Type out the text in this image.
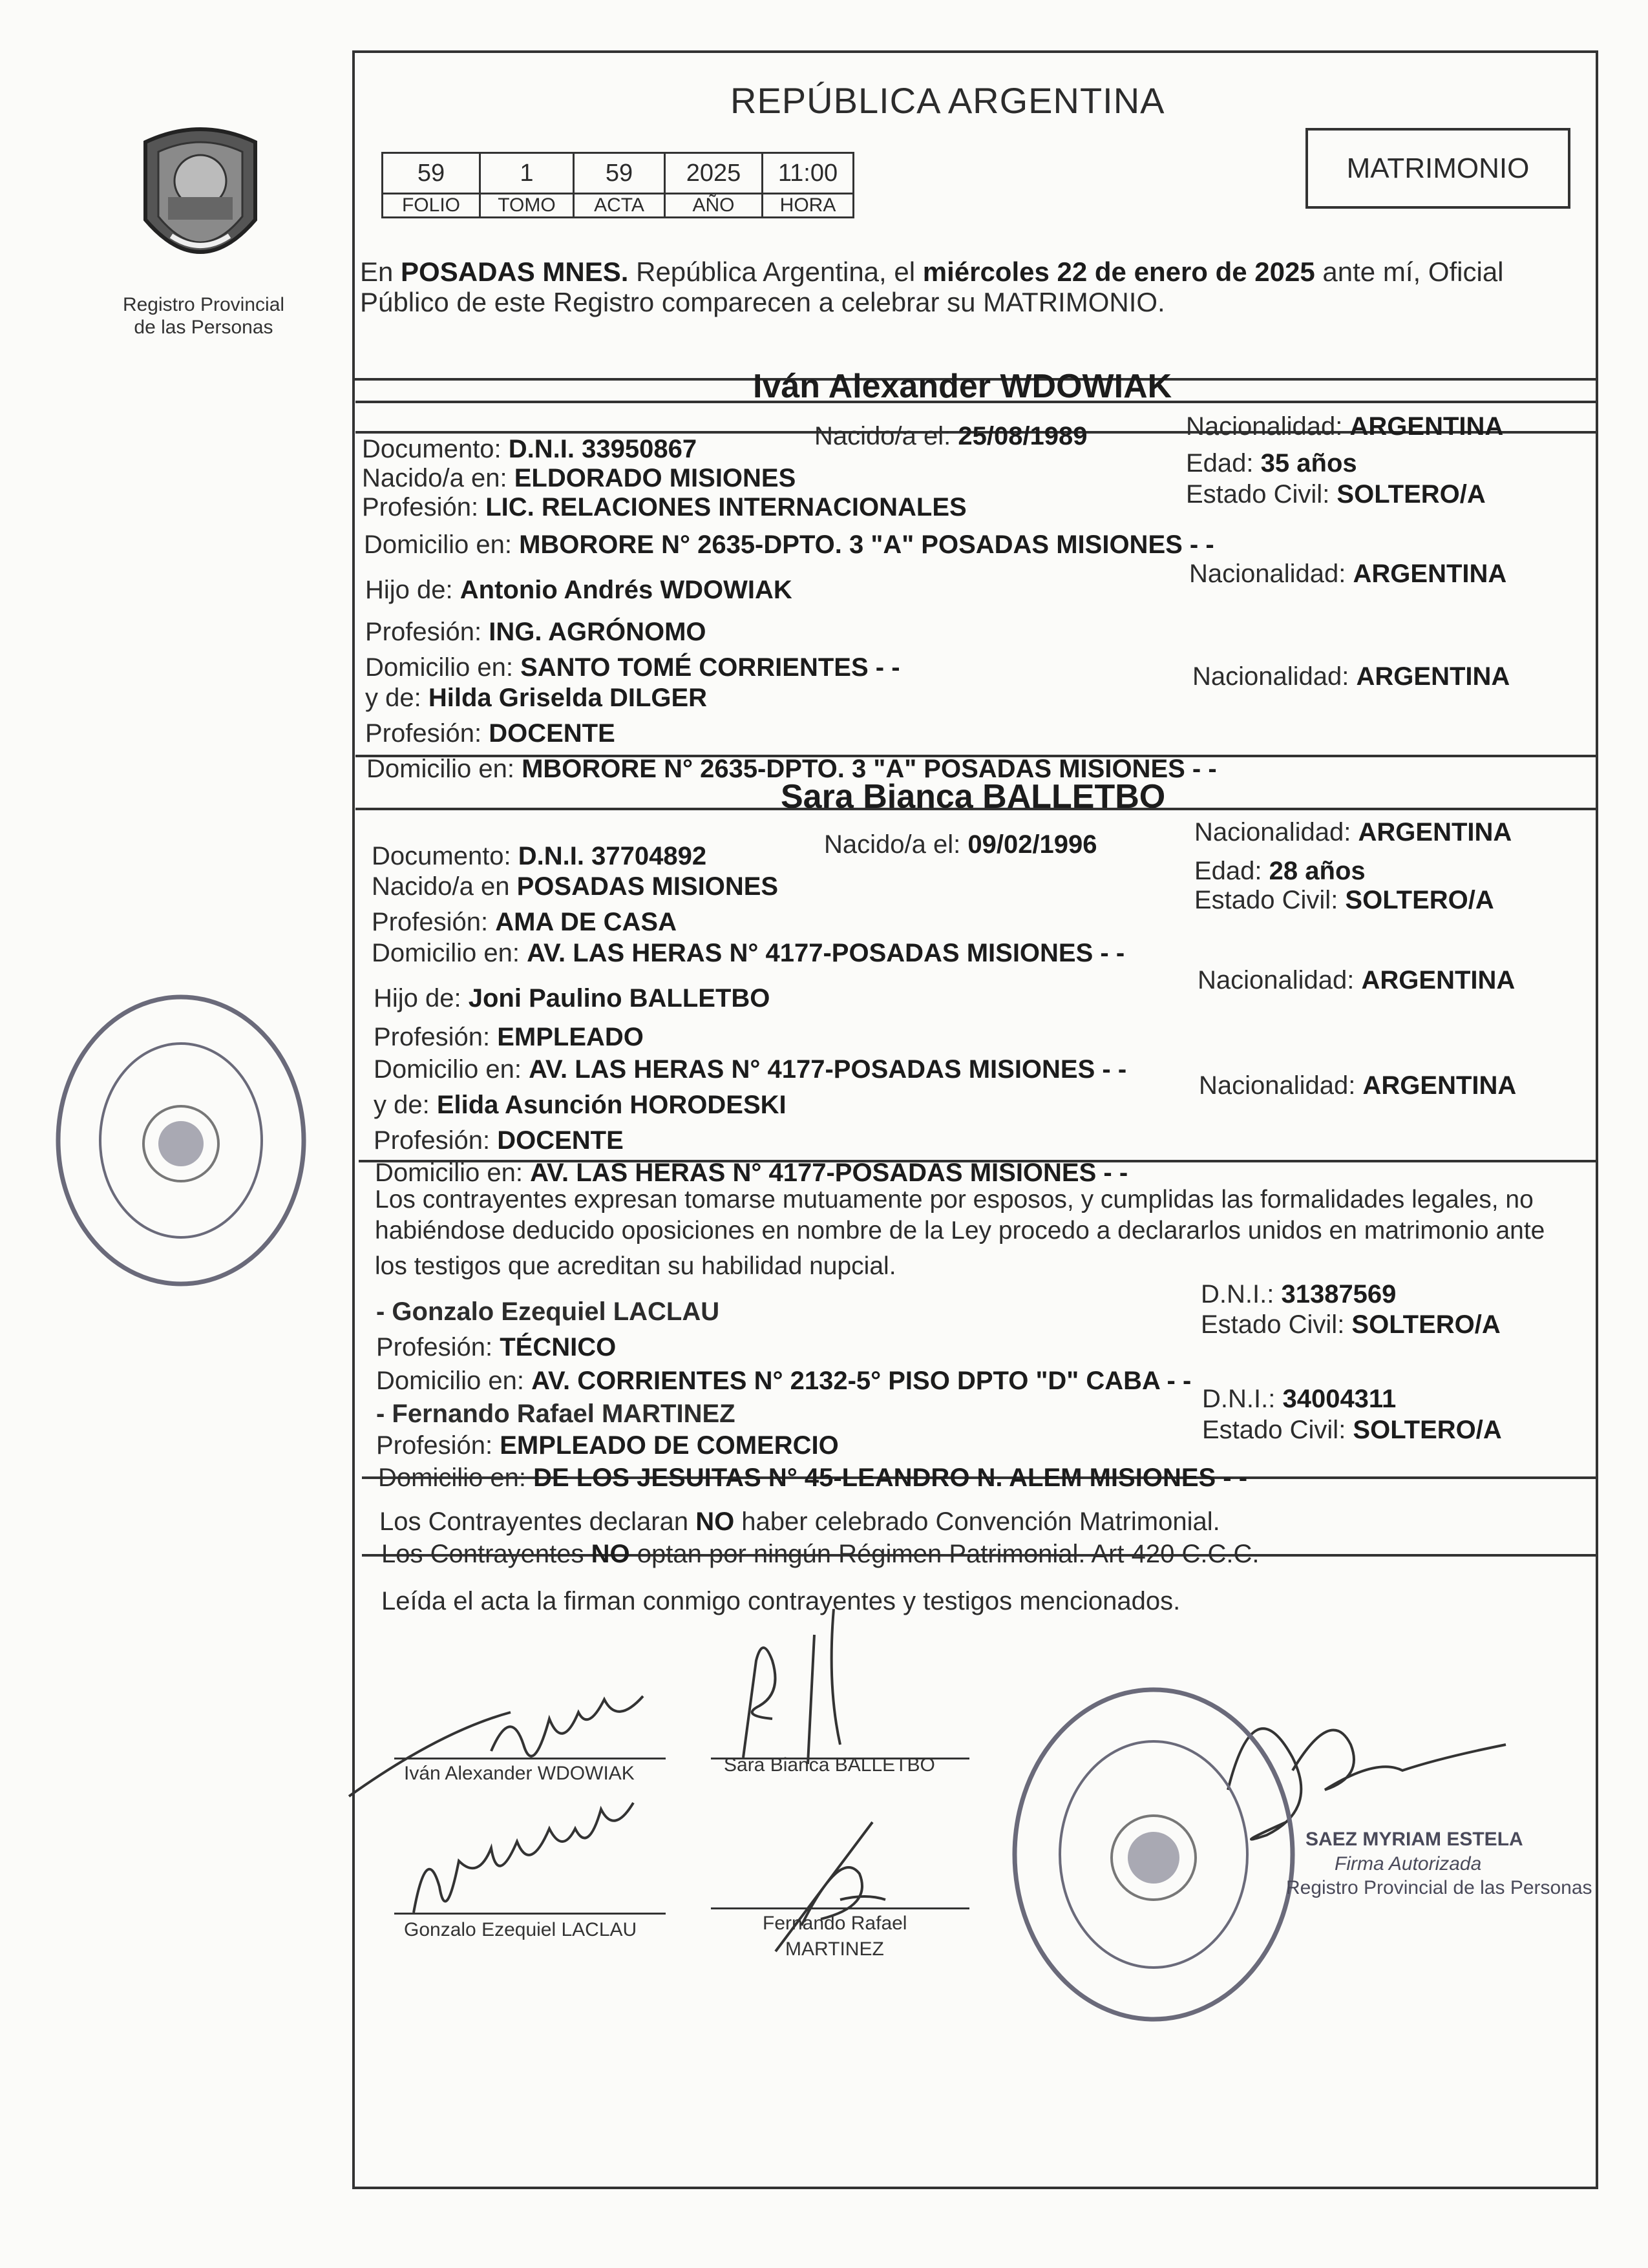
Registro Provincial
de las Personas
REPÚBLICA ARGENTINA
59	1	59	2025	11:00
FOLIO	TOMO	ACTA	AÑO	HORA
MATRIMONIO
En POSADAS MNES. República Argentina, el miércoles 22 de enero de 2025 ante mí, Oficial
Público de este Registro comparecen a celebrar su MATRIMONIO.
Iván Alexander WDOWIAK
Documento: D.N.I. 33950867	Nacido/a el: 25/08/1989	Nacionalidad: ARGENTINA
Nacido/a en: ELDORADO MISIONES
Edad: 35 años
Profesión: LIC. RELACIONES INTERNACIONALES	Estado Civil: SOLTERO/A
Domicilio en: MBORORE N° 2635-DPTO. 3 "A" POSADAS MISIONES - -
Hijo de: Antonio Andrés WDOWIAK
Nacionalidad: ARGENTINA
Profesión: ING. AGRÓNOMO
Domicilio en: SANTO TOMÉ CORRIENTES - -
y de: Hilda Griselda DILGER
Nacionalidad: ARGENTINA
Profesión: DOCENTE
Domicilio en: MBORORE N° 2635-DPTO. 3 "A" POSADAS MISIONES - -
Sara Bianca BALLETBO
Documento: D.N.I. 37704892	Nacido/a el: 09/02/1996	Nacionalidad: ARGENTINA
Nacido/a en POSADAS MISIONES
Edad: 28 años
Profesión: AMA DE CASA
Estado Civil: SOLTERO/A
Domicilio en: AV. LAS HERAS N° 4177-POSADAS MISIONES - -
Hijo de: Joni Paulino BALLETBO
Nacionalidad: ARGENTINA
Profesión: EMPLEADO
Domicilio en: AV. LAS HERAS N° 4177-POSADAS MISIONES - -
y de: Elida Asunción HORODESKI
Nacionalidad: ARGENTINA
Profesión: DOCENTE
Domicilio en: AV. LAS HERAS N° 4177-POSADAS MISIONES - -
Los contrayentes expresan tomarse mutuamente por esposos, y cumplidas las formalidades legales, no
habiéndose deducido oposiciones en nombre de la Ley procedo a declararlos unidos en matrimonio ante
los testigos que acreditan su habilidad nupcial.
- Gonzalo Ezequiel LACLAU
D.N.I.: 31387569
Estado Civil: SOLTERO/A
Profesión: TÉCNICO
Domicilio en: AV. CORRIENTES N° 2132-5° PISO DPTO "D" CABA - -
- Fernando Rafael MARTINEZ
D.N.I.: 34004311
Estado Civil: SOLTERO/A
Profesión: EMPLEADO DE COMERCIO
Domicilio en: DE LOS JESUITAS N° 45-LEANDRO N. ALEM MISIONES - -
Los Contrayentes declaran NO haber celebrado Convención Matrimonial.
Los Contrayentes NO optan por ningún Régimen Patrimonial. Art 420 C.C.C.
Leída el acta la firman conmigo contrayentes y testigos mencionados.
Iván Alexander WDOWIAK	Sara Bianca BALLETBO
Gonzalo Ezequiel LACLAU	Fernando Rafael
MARTINEZ
SAEZ MYRIAM ESTELA
Firma Autorizada
Registro Provincial de las Personas
